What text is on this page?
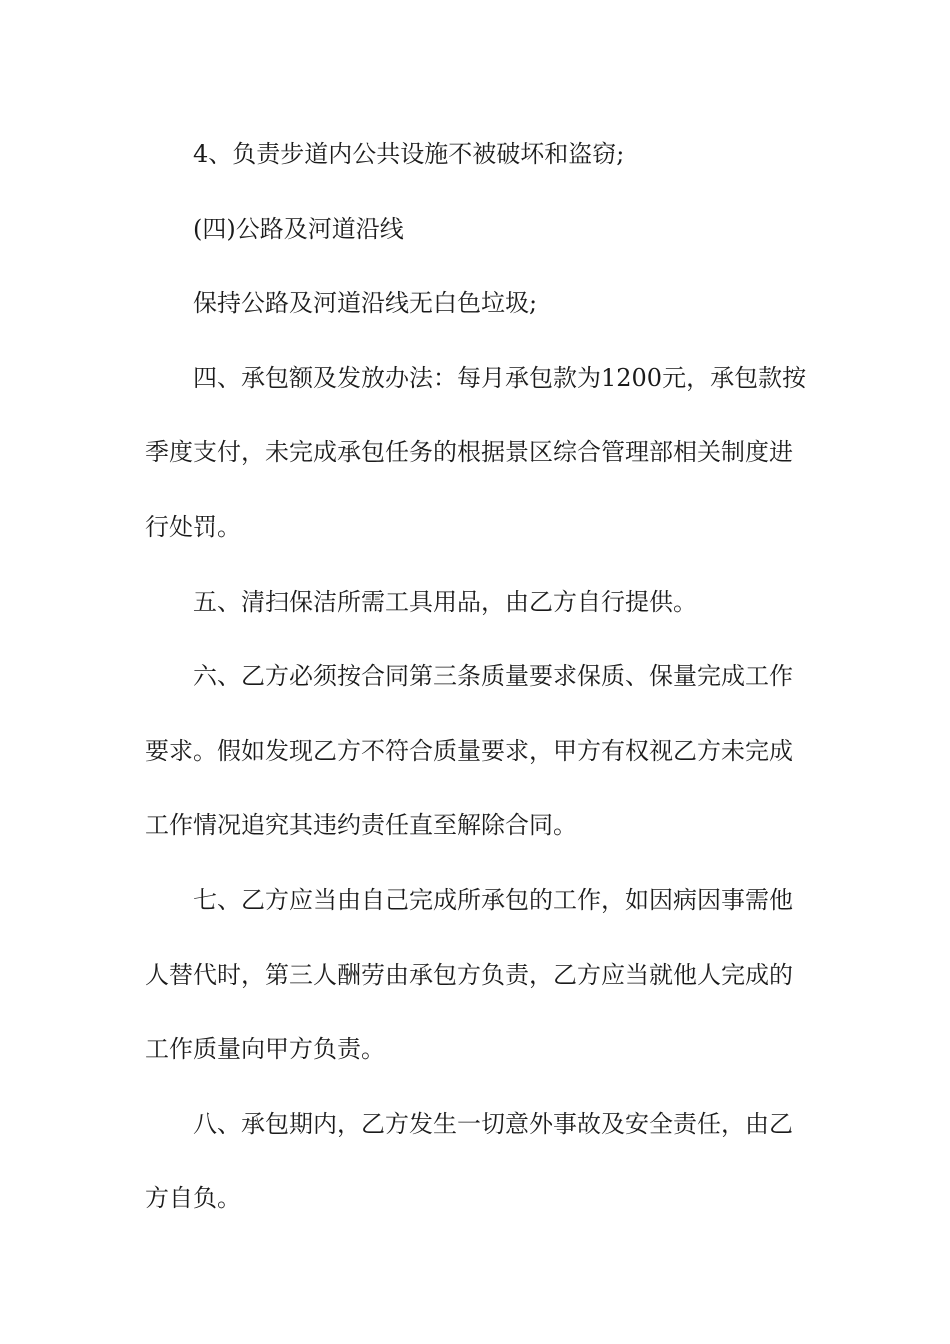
4、负责步道内公共设施不被破坏和盗窃;
(四)公路及河道沿线
保持公路及河道沿线无白色垃圾;
四、承包额及发放办法：每月承包款为1200元，承包款按
季度支付，未完成承包任务的根据景区综合管理部相关制度进
行处罚。
五、清扫保洁所需工具用品，由乙方自行提供。
六、乙方必须按合同第三条质量要求保质、保量完成工作
要求。假如发现乙方不符合质量要求，甲方有权视乙方未完成
工作情况追究其违约责任直至解除合同。
七、乙方应当由自己完成所承包的工作，如因病因事需他
人替代时，第三人酬劳由承包方负责，乙方应当就他人完成的
工作质量向甲方负责。
八、承包期内，乙方发生一切意外事故及安全责任，由乙
方自负。
